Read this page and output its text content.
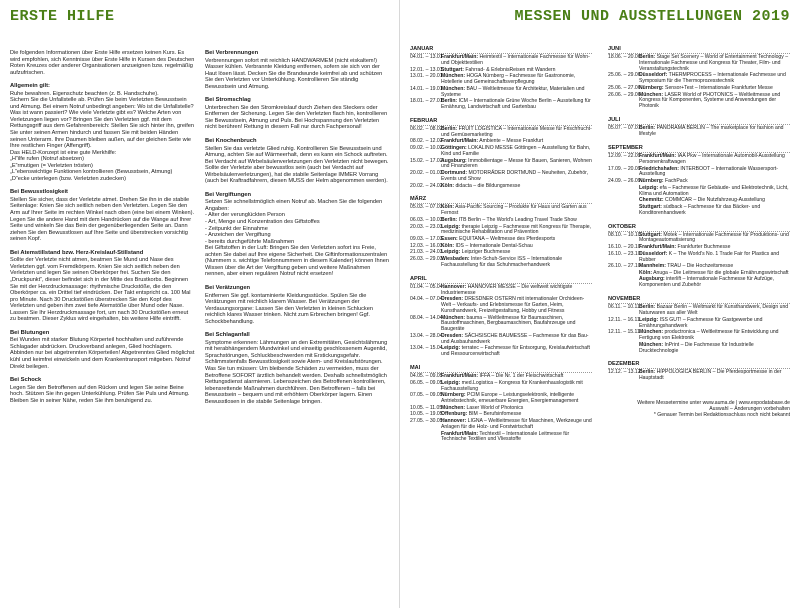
ERSTE HILFE

Die folgenden Informationen über Erste Hilfe ersetzen keinen Kurs. Es wird empfohlen, sich Kenntnisse über Erste Hilfe in Kursen des Deutschen Roten Kreuzes oder anderer Organisationen anzueignen bzw. regelmäßig aufzufrischen.

Allgemein gilt:

Ruhe bewahren. Eigenschutz beachten (z. B. Handschuhe).
Sichern Sie die Unfallstelle ab. Prüfen Sie beim Verletzten Bewusstsein und Atmung. Bei einem Notruf unbedingt angeben: Wo ist die Unfallstelle? Was ist wann passiert? Wie viele Verletzte gibt es? Welche Arten von Verletzungen liegen vor? Bringen Sie den Verletzten ggf. mit dem Rettungsgriff aus dem Gefahrenbereich: Stellen Sie sich hinter ihn, greifen Sie unter seinen Armen hindurch und fassen Sie mit beiden Händen seinen Unterarm. Ihre Daumen bleiben außen, auf der gleichen Seite wie Ihre restlichen Finger (Affengriff).
Das HELD-Konzept ist eine gute Merkhilfe:
„H“ilfe rufen (Notruf absetzen)
„E“rmutigen (= Verletzten trösten)
„L“ebenswichtige Funktionen kontrollieren (Bewusstsein, Atmung)
„D“ecke unterlegen (bzw. Verletzten zudecken)

Bei Bewusstlosigkeit

Stellen Sie sicher, dass der Verletzte atmet. Drehen Sie ihn in die stabile Seitenlage: Knien Sie sich seitlich neben den Verletzten. Legen Sie den Arm auf Ihrer Seite im rechten Winkel nach oben (eine bei einem Winken). Legen Sie die andere Hand mit dem Handrücken auf die Wange auf Ihrer Seite und winkeln Sie das Bein der gegenüberliegenden Seite an. Dann ziehen Sie den Bewusstlosen auf Ihre Seite und überstrecken vorsichtig seinen Kopf.

Bei Atemstillstand bzw. Herz-Kreislauf-Stillstand

Sollte der Verletzte nicht atmen, beatmen Sie Mund und Nase des Verletzten ggf. vom Fremdkörpern. Knien Sie sich seitlich neben den Verletzten und legen Sie seinen Oberkörper frei. Suchen Sie den „Druckpunkt“, dieser befindet sich in der Mitte des Brustkorbs. Beginnen Sie mit der Herzdruckmassage: rhythmische Druckstöße, die den Oberkörper ca. ein Drittel tief eindrücken. Der Takt entspricht ca. 100 Mal pro Minute. Nach 30 Druckstößen überstrecken Sie den Kopf des Verletzten und geben ihm zwei tiefe Atemstöße über Mund oder Nase. Lassen Sie Ihr Herzdruckmassage fort, um nach 30 Druckstößen erneut zu beatmen. Dieser Zyklus wird eingehalten, bis weitere Hilfe eintrifft.

Bei Blutungen

Bei Wunden mit starker Blutung Körperteil hochhalten und zuführende Schlagader abdrücken. Druckverband anlegen, Glied hochlagern. Abbinden nur bei abgetrennten Körperteilen! Abgetrenntes Glied möglichst kühl und keimfrei einwickeln und dem Krankentransport mitgeben. Notruf Direkt beilegen.

Bei Schock

Legen Sie den Betroffenen auf den Rücken und legen Sie seine Beine hoch. Stützen Sie ihn gegen Unterkühlung. Prüfen Sie Puls und Atmung. Bleiben Sie in seiner Nähe, reden Sie ihm beruhigend zu.

Bei Verbrennungen

Verbrennungen sofort mit reichlich HANDWARMEM (nicht eiskaltem!) Wasser kühlen. Verbrannte Kleidung entfernen, sofern sie sich von der Haut lösen lässt. Decken Sie die Brandwunde keimfrei ab und schützen Sie den Verletzten vor Unterkühlung. Kontrollieren Sie ständig Bewusstsein und Atmung.

Bei Stromschlag

Unterbrechen Sie den Stromkreislauf durch Ziehen des Steckers oder Entfernen der Sicherung. Legen Sie den Verletzten flach hin, kontrollieren Sie Bewusstsein, Atmung und Puls. Bei Hochspannung den Verletzten nicht berühren! Rettung in diesem Fall nur durch Fachpersonal!

Bei Knochenbruch

Stellen Sie das verletzte Glied ruhig. Kontrollieren Sie Bewusstsein und Atmung, achten Sie auf Wärmeerhalt, denn es kann ein Schock auftreten. Bei Verdacht auf Wirbelsäulenverletzungen den Verletzten nicht bewegen. Sollte der Verletzte aber bewusstlos sein (auch bei Verdacht auf Wirbelsäulenverletzungen), hat die stabile Seitenlage IMMER Vorrang (auch bei Kraftradfahrern, diesen MUSS der Helm abgenommen werden).

Bei Vergiftungen

Setzen Sie schnellstmöglich einen Notruf ab. Machen Sie die folgenden Angaben:
- Alter der verunglückten Person
- Art, Menge und Konzentration des Giftstoffes
- Zeitpunkt der Einnahme
- Anzeichen der Vergiftung
- bereits durchgeführte Maßnahmen
Bei Giftstoffen in der Luft: Bringen Sie den Verletzten sofort ins Freie, achten Sie dabei auf Ihre eigene Sicherheit. Die Giftinformationszentralen (Nummern s. wichtige Telefonnummern in diesem Kalender) können Ihnen Wissen über die Art der Vergiftung geben und weitere Maßnahmen nennen, aber einen regulären Notruf nicht ersetzen!

Bei Verätzungen

Entfernen Sie ggf. kontaminierte Kleidungsstücke. Spülen Sie die Verätzungen mit reichlich klarem Wasser. Bei Verätzungen der Verdauungsorgane: Lassen Sie den Verletzten in kleinen Schlucken reichlich klares Wasser trinken. Nicht zum Erbrechen bringen! Ggf. Schockbehandlung.

Bei Schlaganfall

Symptome erkennen: Lähmungen an den Extremitäten, Gesichtslähmung mit herabhängendem Mundwinkel und einseitig geschlossenem Augenlid, Sprachstörungen, Schluckbeschwerden mit Erstickungsgefahr. Schlimmstenfalls Bewusstlosigkeit sowie Atem- und Kreislaufstörungen. Was Sie tun müssen: Um bleibende Schäden zu vermeiden, muss der Betroffene SOFORT ärztlich behandelt werden. Deshalb schnellstmöglich Rettungsdienst alarmieren. Lebenszeichen des Betroffenen kontrollieren, lebensrettende Maßnahmen durchführen. Den Betroffenen – falls bei Bewusstsein – bequem und mit erhöhtem Oberkörper lagern. Einen Bewusstlosen in die stabile Seitenlage bringen.

MESSEN UND AUSSTELLUNGEN 2019
JANUAR
04.01. – 13.01.
Frankfurt/Main: Heimtextil – Internationale Fachmesse für Wohn- und Objekttextilien
12.01. – 13.01.
Stuttgart: Fahrrad- & ErlebnisReisen mit Wandern
13.01. – 20.01.
München: HOGA Nürnberg – Fachmesse für Gastronomie, Hotellerie und Gemeinschaftsverpflegung
14.01. – 19.01.
München: BAU – Weltleitmesse für Architektur, Materialien und Systeme
18.01. – 27.01.
Berlin: ICM – Internationale Grüne Woche Berlin – Ausstellung für Ernährung, Landwirtschaft und Gartenbau
FEBRUAR
06.02. – 08.02.
Berlin: FRUIT LOGISTICA – Internationale Messe für Frischfrucht- und Gemüsemarketing
08.02. – 12.02.
Frankfurt/Main: Ambiente – Messe Frankfurt
09.02. – 10.02.
Göttingen: LOKALINO MESSE Göttingen – Ausstellung für Bahn, Kind und Familie
15.02. – 17.02.
Augsburg: Immobilientage – Messe für Bauen, Sanieren, Wohnen und Finanzieren
20.02. – 01.03.
Dortmund: MOTORRÄDER DORTMUND – Neuheiten, Zubehör, Events und Show
20.02. – 24.02.
Köln: didacta – die Bildungsmesse
MÄRZ
05.03. – 07.03.
Köln: Asia-Pacific Sourcing – Produkte für Haus und Garten aus Fernost
06.03. – 10.03.
Berlin: ITB Berlin – The World's Leading Travel Trade Show
20.03. – 23.03.
Leipzig: therapie Leipzig – Fachmesse mit Kongress für Therapie, medizinische Rehabilitation und Prävention
09.03. – 17.03.
Essen: EQUITANA – Weltmesse des Pferdesports
12.03. – 16.03.
Köln: IDS – Internationale Dental-Schau
21.03. – 24.03.
Leipzig: Leipziger Buchmesse
26.03. – 29.03.
Wiesbaden: Inter-Schuh-Service ISS – Internationale Fachausstellung für das Schuhmacherhandwerk
APRIL
01.04. – 05.04.
Hannover: HANNOVER MESSE – Die weltweit wichtigste Industriemesse
04.04. – 07.04.
Dresden: DRESDNER OSTERN mit internationaler Orchideen-Welt – Verkaufs- und Erlebnismesse für Garten, Heim, Kunsthandwerk, Freizeitgestaltung, Hobby und Fitness
08.04. – 14.04.
München: bauma – Weltleitmesse für Baumaschinen, Baustoffmaschinen, Bergbaumaschinen, Baufahrzeuge und Baugeräte
13.04. – 28.04.
Dresden: SÄCHSISCHE BAUMESSE – Fachmesse für das Bau- und Ausbauhandwerk
13.04. – 15.04.
Leipzig: terratec – Fachmesse für Entsorgung, Kreislaufwirtschaft und Ressourcenwirtschaft
MAI
04.05. – 09.05.
Frankfurt/Main: IFFA – Die Nr. 1 der Fleischwirtschaft
06.05. – 09.05.
Leipzig: med.Logistica – Kongress für Krankenhauslogistik mit Fachausstellung
07.05. – 09.05.
Nürnberg: PCIM Europe – Leistungselektronik, intelligente Antriebstechnik, erneuerbare Energien, Energiemanagement
10.05. – 11.05.
München: Laser World of Photonics
10.05. – 19.05.
Offenburg: BIM – Berufsinfomesse
27.05. – 30.05.
Hannover: LIGNA – Weltleitmesse für Maschinen, Werkzeuge und Anlagen für die Holz- und Forstwirtschaft
Frankfurt/Main: Techtextil – Internationale Leitmesse für Technische Textilien und Vliesstoffe
JUNI
18.06. – 20.06.
Berlin: Stage Set Scenery – World of Entertainment Technology – Internationale Fachmesse und Kongress für Theater, Film- und Veranstaltungstechnik
25.06. – 29.06.
Düsseldorf: THERMPROCESS – Internationale Fachmesse und Symposium für die Thermoprozesstechnik
25.06. – 27.06.
Nürnberg: Sensor+Test – Internationale Frankfurter Messe
26.06. – 29.06.
München: LASER World of PHOTONICS – Weltleitmesse und Kongress für Komponenten, Systeme und Anwendungen der Photonik
JULI
05.07. – 07.07.
Berlin: PANORAMA BERLIN – The marketplace for fashion and lifestyle
SEPTEMBER
12.09. – 22.09.
Frankfurt/Main: IAA Pkw – Internationale Automobil-Ausstellung Personenkraftwagen
17.09. – 20.09.
Friedrichshafen: INTERBOOT – Internationale Wassersport-Ausstellung
24.09. – 26.09.
Nürnberg: FachPack
Leipzig: efa – Fachmesse für Gebäude- und Elektrotechnik, Licht, Klima und Automation
Chemnitz: COMMCAR – Die Nutzfahrzeug-Ausstellung
Stuttgart: südback – Fachmesse für das Bäcker- und Konditorenhandwerk
OKTOBER
08.10. – 10.10.
Stuttgart: Motek – Internationale Fachmesse für Produktions- und Montageautomatisierung
16.10. – 20.10.
Frankfurt/Main: Frankfurter Buchmesse
16.10. – 23.10.
Düsseldorf: K – The World's No. 1 Trade Fair for Plastics and Rubber
26.10. – 27.10.
Mannheim: TRAU – Die Hochzeitsmesse
Köln: Anuga – Die Leitmesse für die globale Ernährungswirtschaft
Augsburg: interlift – Internationale Fachmesse für Aufzüge, Komponenten und Zubehör
NOVEMBER
06.11. – 10.11.
Berlin: Bazaar Berlin – Weltmarkt für Kunsthandwerk, Design und Naturwaren aus aller Welt
12.11. – 16.11.
Leipzig: ISS GUT! – Fachmesse für Gastgewerbe und Ernährungshandwerk
12.11. – 15.11.
München: productronica – Weltleitmesse für Entwicklung und Fertigung von Elektronik
München: InPrint – Die Fachmesse für Industrielle Drucktechnologie
DEZEMBER
12.12. – 13.12.
Berlin: HIPPOLOGICA BERLIN – Die Pferdesportmesse in der Hauptstadt
Weitere Messetermine unter www.auma.de | www.expodatabase.de
Auswahl – Änderungen vorbehalten
* Genauer Termin bei Redaktionsschluss noch nicht bekannt
